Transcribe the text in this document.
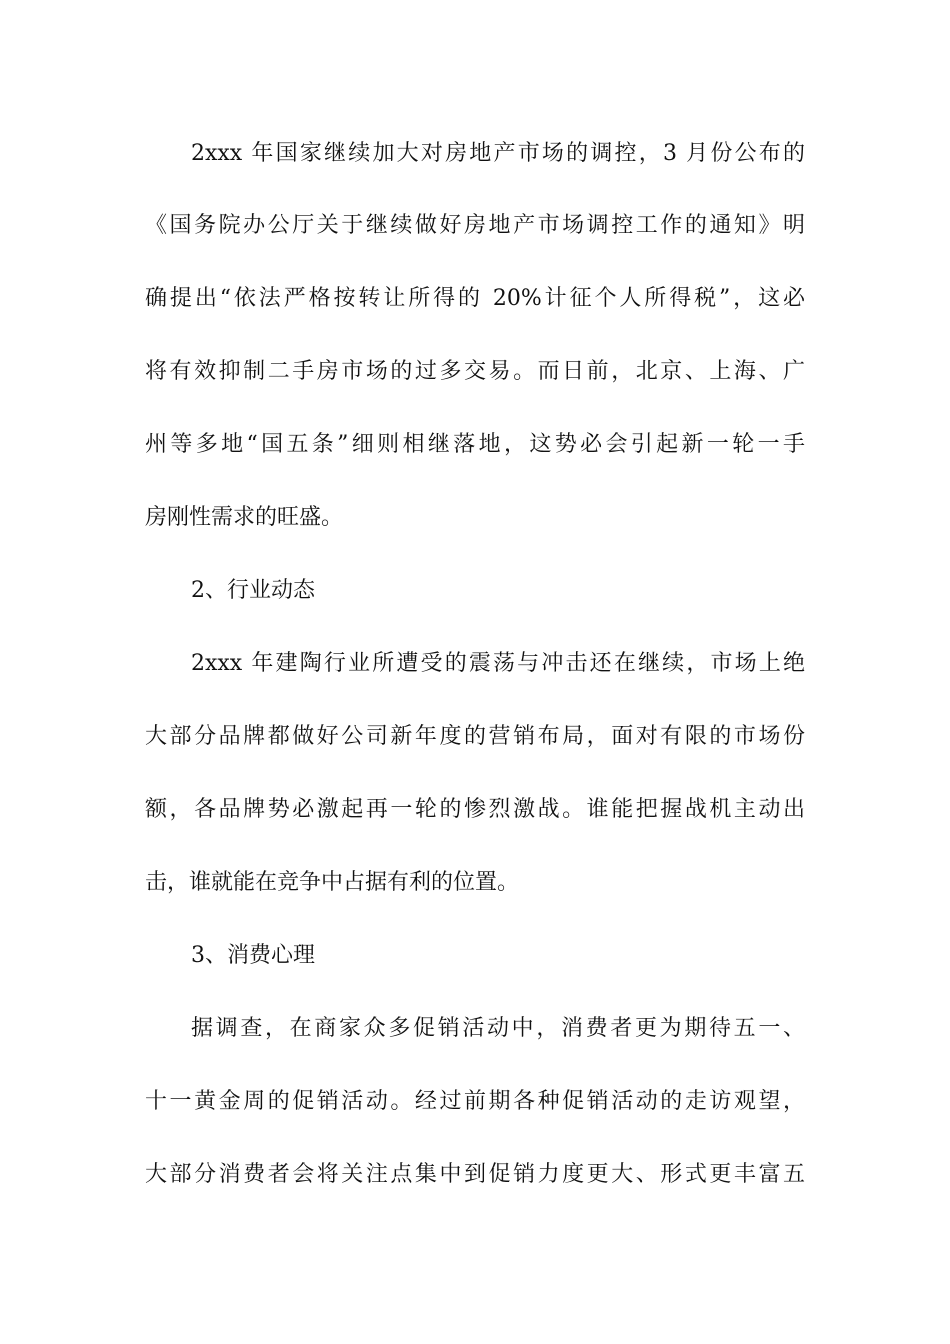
2xxx 年国家继续加大对房地产市场的调控，3 月份公布的
《国务院办公厅关于继续做好房地产市场调控工作的通知》明
确提出“依法严格按转让所得的 20%计征个人所得税”，这必
将有效抑制二手房市场的过多交易。而日前，北京、上海、广
州等多地“国五条”细则相继落地，这势必会引起新一轮一手
房刚性需求的旺盛。
2、行业动态
2xxx 年建陶行业所遭受的震荡与冲击还在继续，市场上绝
大部分品牌都做好公司新年度的营销布局，面对有限的市场份
额，各品牌势必激起再一轮的惨烈激战。谁能把握战机主动出
击，谁就能在竞争中占据有利的位置。
3、消费心理
据调查，在商家众多促销活动中，消费者更为期待五一、
十一黄金周的促销活动。经过前期各种促销活动的走访观望，
大部分消费者会将关注点集中到促销力度更大、形式更丰富五
